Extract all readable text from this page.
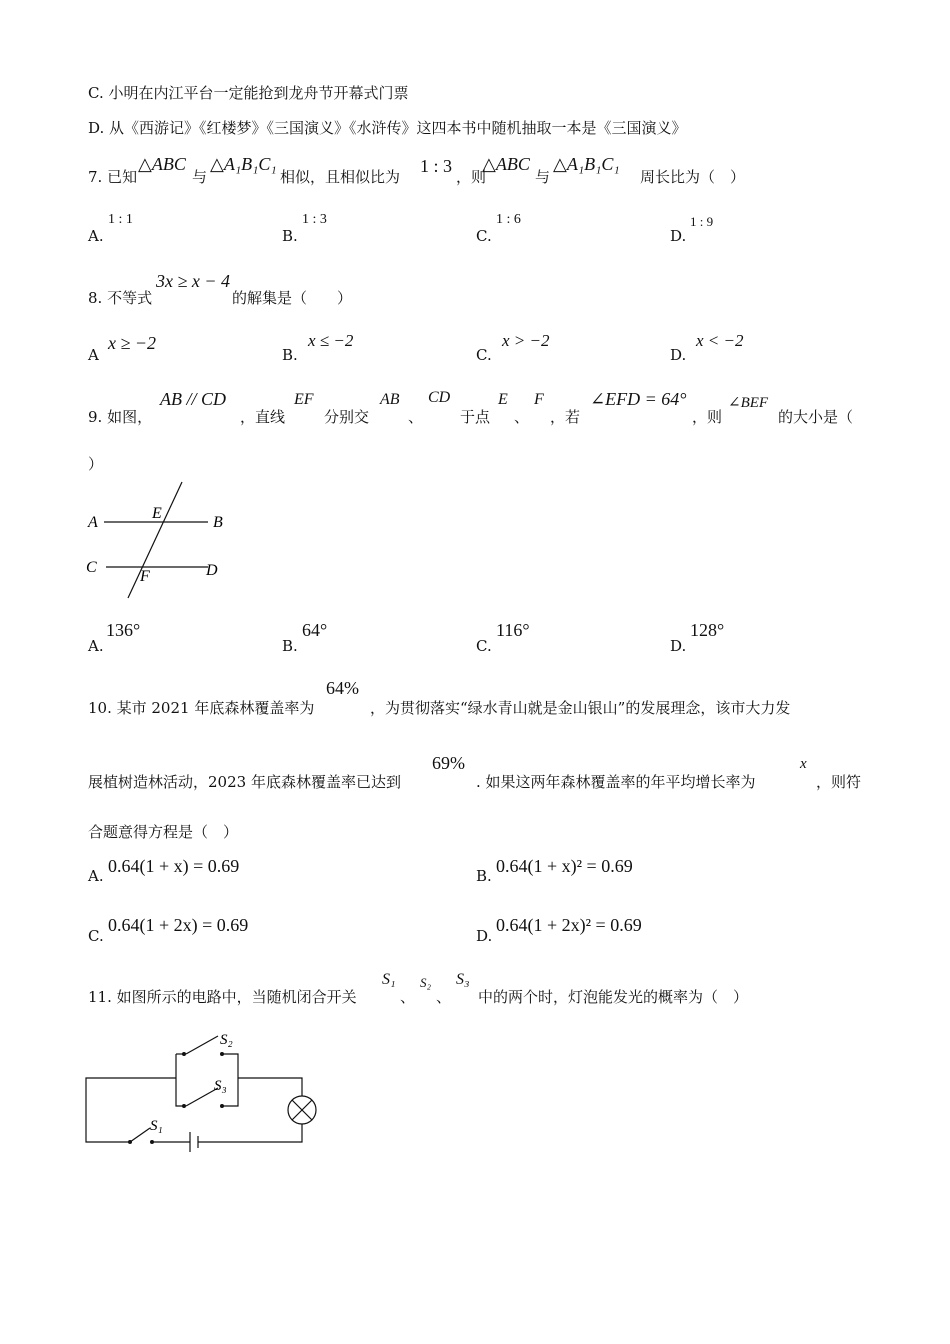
C. 小明在内江平台一定能抢到龙舟节开幕式门票
D. 从《西游记》《红楼梦》《三国演义》《水浒传》这四本书中随机抽取一本是《三国演义》
7. 已知
△ABC
与
△A₁B₁C₁
相似，且相似比为
1 : 3
，则
△ABC
与
△A₁B₁C₁
周长比为（　）
A.
1 : 1
B.
1 : 3
C.
1 : 6
D.
1 : 9
8. 不等式
3x ≥ x − 4
的解集是（　　）
A
x ≥ −2
B.
x ≤ −2
C.
x > −2
D.
x < −2
9. 如图，
AB // CD
，直线
EF
分别交
AB
、
CD
于点
E
、
F
，若
∠EFD = 64°
，则
∠BEF
的大小是（
）
A	B
C	D
E
F
A.
136°
B.
64°
C.
116°
D.
128°
10. 某市 2021 年底森林覆盖率为
64%
，为贯彻落实“绿水青山就是金山银山”的发展理念，该市大力发
展植树造林活动，2023 年底森林覆盖率已达到
69%
. 如果这两年森林覆盖率的年平均增长率为
x
，则符
合题意得方程是（　）
A. 0.64(1 + x) = 0.69	B. 0.64(1 + x)² = 0.69
C.
0.64(1 + 2x) = 0.69
D.
0.64(1 + 2x)² = 0.69
11. 如图所示的电路中，当随机闭合开关
S₁
、
S₂
、
S₃
中的两个时，灯泡能发光的概率为（　）
S₂
S₃
S₁
